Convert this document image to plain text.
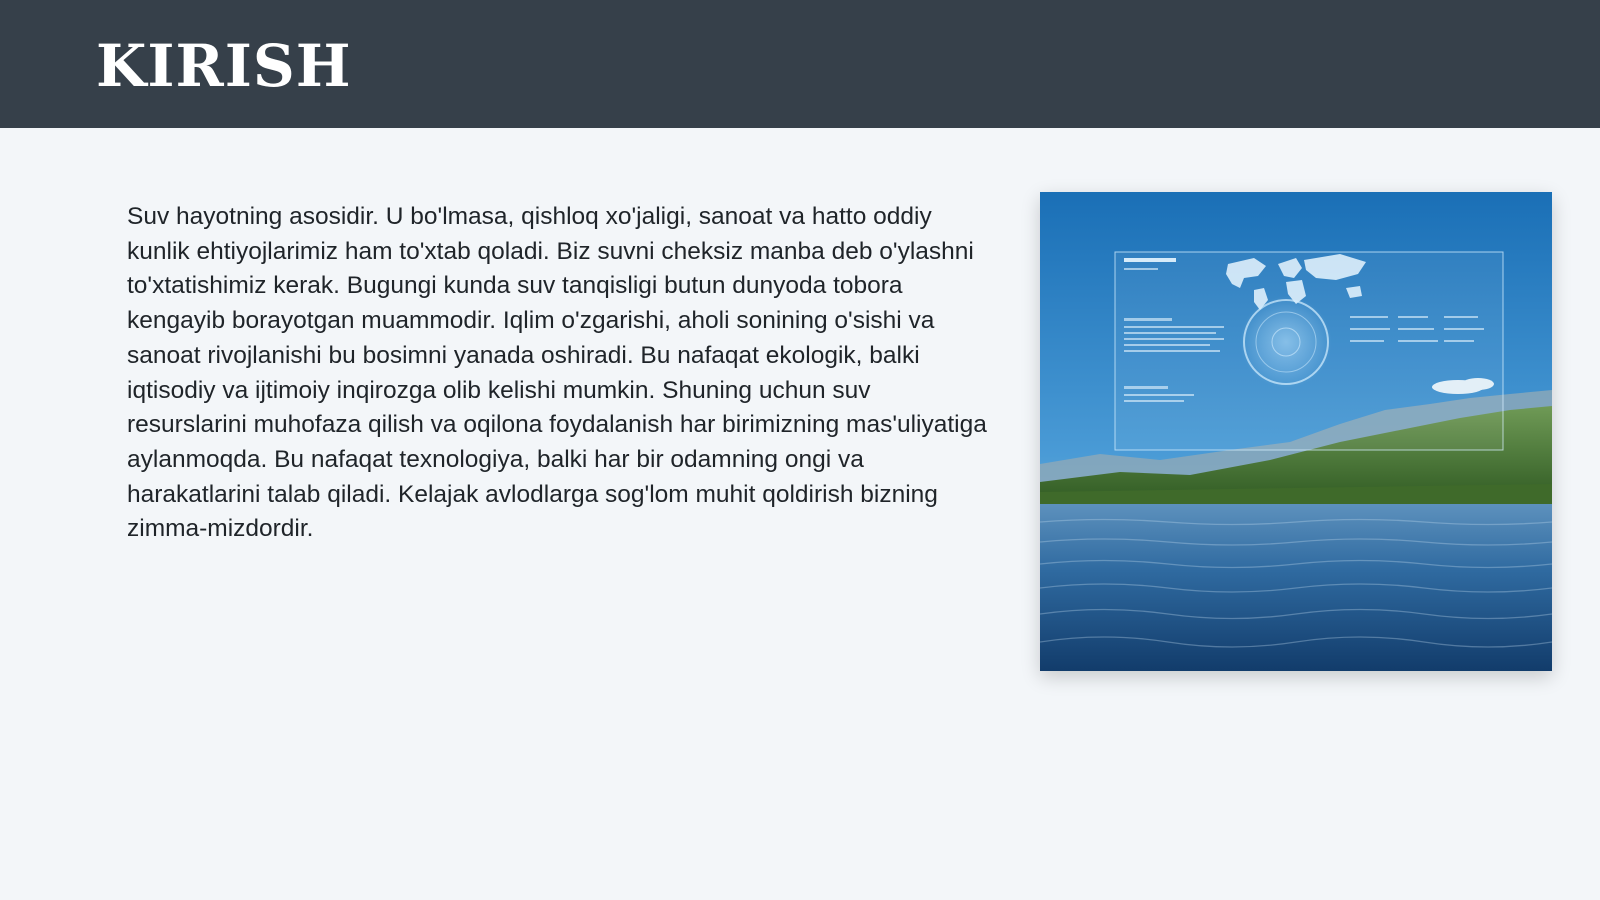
KIRISH

Suv hayotning asosidir. U bo'lmasa, qishloq xo'jaligi, sanoat va hatto oddiy kunlik ehtiyojlarimiz ham to'xtab qoladi. Biz suvni cheksiz manba deb o'ylashni to'xtatishimiz kerak. Bugungi kunda suv tanqisligi butun dunyoda tobora kengayib borayotgan muammodir. Iqlim o'zgarishi, aholi sonining o'sishi va sanoat rivojlanishi bu bosimni yanada oshiradi. Bu nafaqat ekologik, balki iqtisodiy va ijtimoiy inqirozga olib kelishi mumkin. Shuning uchun suv resurslarini muhofaza qilish va oqilona foydalanish har birimizning mas'uliyatiga aylanmoqda. Bu nafaqat texnologiya, balki har bir odamning ongi va harakatlarini talab qiladi. Kelajak avlodlarga sog'lom muhit qoldirish bizning zimma-mizdordir.
